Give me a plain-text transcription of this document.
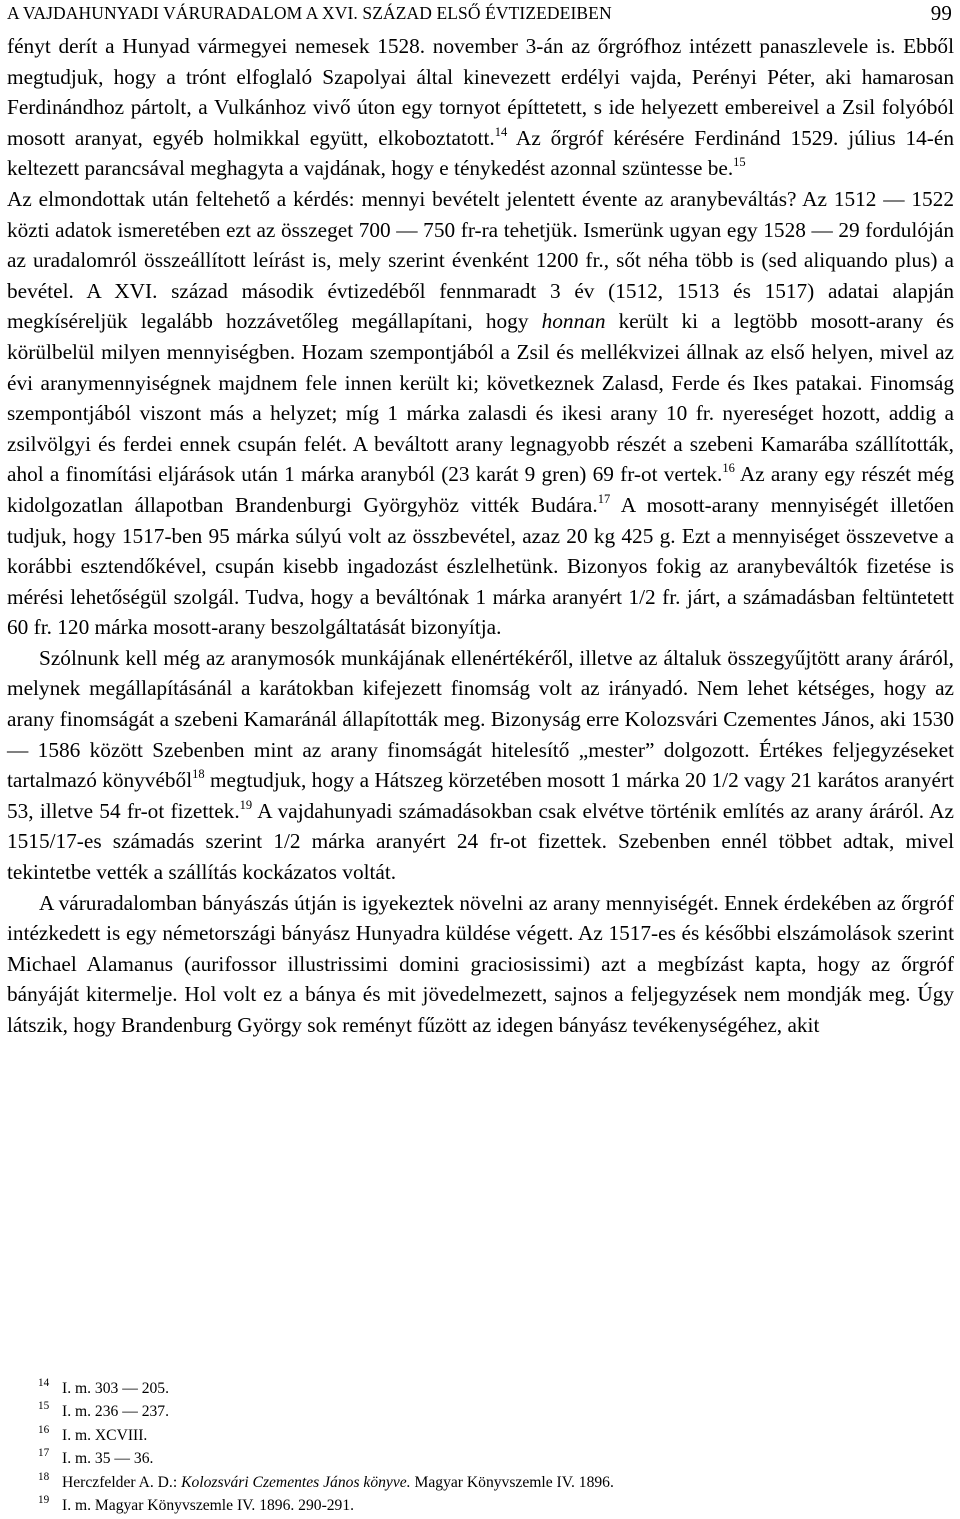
A VAJDAHUNYADI VÁRURADALOM A XVI. SZÁZAD ELSŐ ÉVTIZEDEIBEN	99

fényt derít a Hunyad vármegyei nemesek 1528. november 3-án az őrgrófhoz intézett panaszlevele is. Ebből megtudjuk, hogy a trónt elfoglaló Szapolyai által kinevezett erdélyi vajda, Perényi Péter, aki hamarosan Ferdinándhoz pártolt, a Vulkánhoz vivő úton egy tornyot építtetett, s ide helyezett embereivel a Zsil folyóból mosott aranyat, egyéb holmikkal együtt, elkoboztatott.$^{14}$ Az őrgróf kérésére Ferdinánd 1529. július 14-én keltezett parancsával meghagyta a vajdának, hogy e ténykedést azonnal szüntesse be.$^{15}$

Az elmondottak után feltehető a kérdés: mennyi bevételt jelentett évente az aranybeváltás? Az 1512 — 1522 közti adatok ismeretében ezt az összeget 700 — 750 fr-ra tehetjük. Ismerünk ugyan egy 1528 — 29 fordulóján az uradalomról összeállított leírást is, mely szerint évenként 1200 fr., sőt néha több is (sed aliquando plus) a bevétel. A XVI. század második évtizedéből fennmaradt 3 év (1512, 1513 és 1517) adatai alapján megkíséreljük legalább hozzávetőleg megállapítani, hogy honnan került ki a legtöbb mosott-arany és körülbelül milyen mennyiségben. Hozam szempontjából a Zsil és mellékvizei állnak az első helyen, mivel az évi aranymennyiségnek majdnem fele innen került ki; következnek Zalasd, Ferde és Ikes patakai. Finomság szempontjából viszont más a helyzet; míg 1 márka zalasdi és ikesi arany 10 fr. nyereséget hozott, addig a zsilvölgyi és ferdei ennek csupán felét. A beváltott arany legnagyobb részét a szebeni Kamarába szállították, ahol a finomítási eljárások után 1 márka aranyból (23 karát 9 gren) 69 fr-ot vertek.$^{16}$ Az arany egy részét még kidolgozatlan állapotban Brandenburgi Györgyhöz vitték Budára.$^{17}$ A mosott-arany mennyiségét illetően tudjuk, hogy 1517-ben 95 márka súlyú volt az összbevétel, azaz 20 kg 425 g. Ezt a mennyiséget összevetve a korábbi esztendőkével, csupán kisebb ingadozást észlelhetünk. Bizonyos fokig az aranybeváltók fizetése is mérési lehetőségül szolgál. Tudva, hogy a beváltónak 1 márka aranyért 1/2 fr. járt, a számadásban feltüntetett 60 fr. 120 márka mosott-arany beszolgáltatását bizonyítja.

Szólnunk kell még az aranymosók munkájának ellenértékéről, illetve az általuk összegyűjtött arany áráról, melynek megállapításánál a karátokban kifejezett finomság volt az irányadó. Nem lehet kétséges, hogy az arany finomságát a szebeni Kamaránál állapították meg. Bizonyság erre Kolozsvári Czementes János, aki 1530 — 1586 között Szebenben mint az arany finomságát hitelesítő „mester” dolgozott. Értékes feljegyzéseket tartalmazó könyvéből$^{18}$ megtudjuk, hogy a Hátszeg körzetében mosott 1 márka 20 1/2 vagy 21 karátos aranyért 53, illetve 54 fr-ot fizettek.$^{19}$ A vajdahunyadi számadásokban csak elvétve történik említés az arany áráról. Az 1515/17-es számadás szerint 1/2 márka aranyért 24 fr-ot fizettek. Szebenben ennél többet adtak, mivel tekintetbe vették a szállítás kockázatos voltát.

A váruradalomban bányászás útján is igyekeztek növelni az arany mennyiségét. Ennek érdekében az őrgróf intézkedett is egy németországi bányász Hunyadra küldése végett. Az 1517-es és későbbi elszámolások szerint Michael Alamanus (aurifossor illustrissimi domini graciosissimi) azt a megbízást kapta, hogy az őrgróf bányáját kitermelje. Hol volt ez a bánya és mit jövedelmezett, sajnos a feljegyzések nem mondják meg. Úgy látszik, hogy Brandenburg György sok reményt fűzött az idegen bányász tevékenységéhez, akit

14 I. m. 303 — 205.
15 I. m. 236 — 237.
16 I. m. XCVIII.
17 I. m. 35 — 36.
18 Herczfelder A. D.: Kolozsvári Czementes János könyve. Magyar Könyvszemle IV. 1896.
19 I. m. Magyar Könyvszemle IV. 1896. 290-291.
